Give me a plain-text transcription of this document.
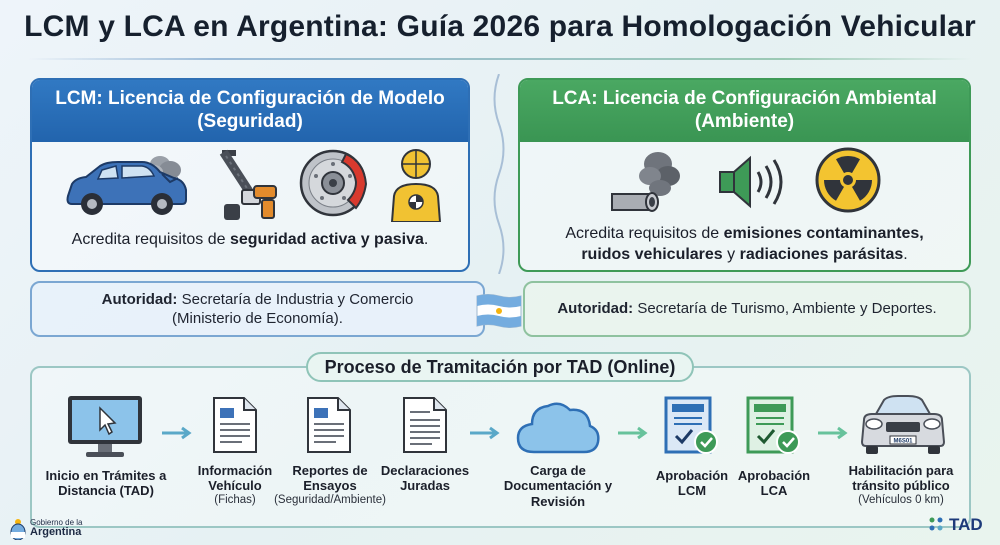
LCM y LCA en Argentina: Guía 2026 para Homologación Vehicular
LCM: Licencia de Configuración de Modelo
(Seguridad)
Acredita requisitos de seguridad activa y pasiva.
LCA: Licencia de Configuración Ambiental
(Ambiente)
Acredita requisitos de emisiones contaminantes,
ruidos vehiculares y radiaciones parásitas.
Autoridad: Secretaría de Industria y Comercio
(Ministerio de Economía).
Autoridad: Secretaría de Turismo, Ambiente y Deportes.
Proceso de Tramitación por TAD (Online)
Inicio en Trámites a Distancia (TAD)
Información Vehículo
(Fichas)
Reportes de Ensayos
(Seguridad/Ambiente)
Declaraciones Juradas
Carga de Documentación y Revisión
Aprobación LCM
Aprobación LCA
M6S01
Habilitación para tránsito público
(Vehículos 0 km)
Gobierno de la
Argentina	TAD
